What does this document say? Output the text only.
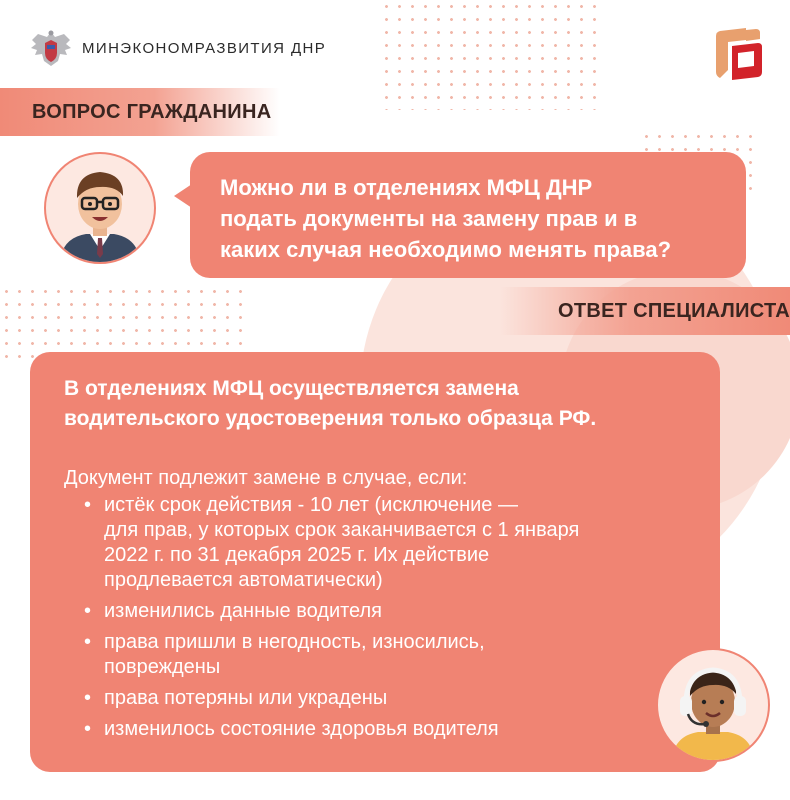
МИНЭКОНОМРАЗВИТИЯ ДНР
ВОПРОС ГРАЖДАНИНА
Можно ли в отделениях МФЦ ДНР
подать документы на замену прав и в
каких случая необходимо менять права?
ОТВЕТ СПЕЦИАЛИСТА
В отделениях МФЦ осуществляется замена
водительского удостоверения только образца РФ.
Документ подлежит замене в случае, если:
• истёк срок действия - 10 лет (исключение —
для прав, у которых срок заканчивается с 1 января
2022 г. по 31 декабря 2025 г. Их действие
продлевается автоматически)
• изменились данные водителя
• права пришли в негодность, износились,
повреждены
• права потеряны или украдены
• изменилось состояние здоровья водителя
